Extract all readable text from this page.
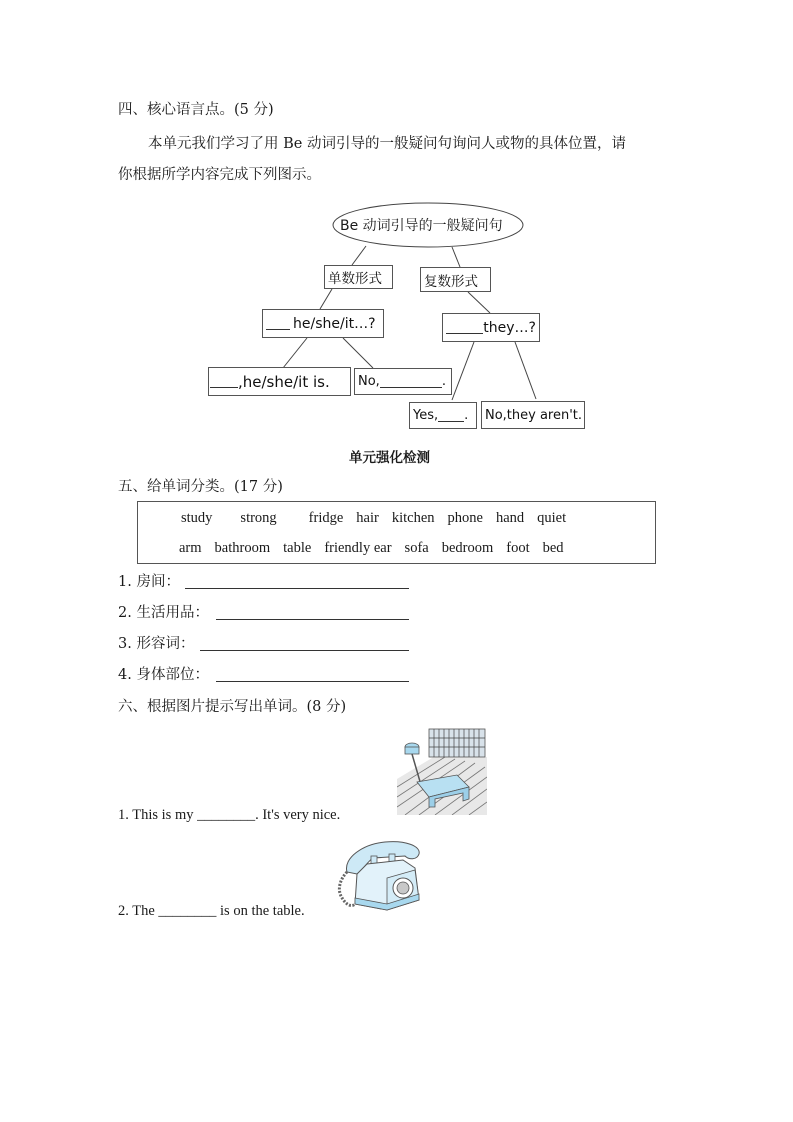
四、核心语言点。(5 分)
本单元我们学习了用 Be 动词引导的一般疑问句询问人或物的具体位置，请
你根据所学内容完成下列图示。
Be 动词引导的一般疑问句
单数形式	复数形式
he/she/it…?	they…?
,he/she/it is. No,	.
Yes, . No,they aren't.
单元强化检测
五、给单词分类。(17 分)
study strong fridge hair kitchen phone hand quiet
arm bathroom table friendly ear sofa bedroom foot bed
1. 房间：
2. 生活用品：
3. 形容词：
4. 身体部位：
六、根据图片提示写出单词。(8 分)
1. This is my ________. It's very nice.
2. The ________ is on the table.
